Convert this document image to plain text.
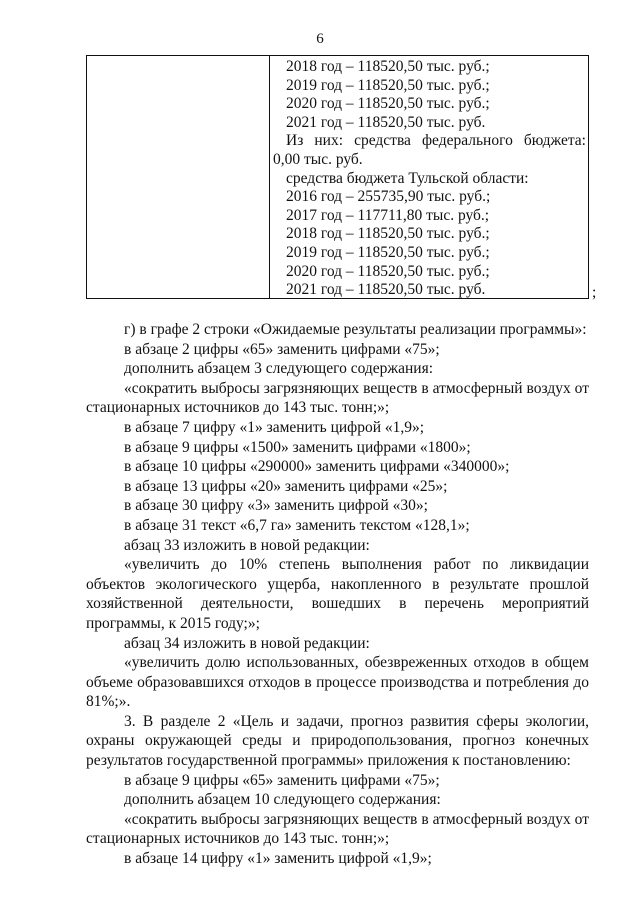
6
2018 год – 118520,50 тыс. руб.;
2019 год – 118520,50 тыс. руб.;
2020 год – 118520,50 тыс. руб.;
2021 год – 118520,50 тыс. руб.
Из них: средства федерального бюджета:
0,00 тыс. руб.
средства бюджета Тульской области:
2016 год – 255735,90 тыс. руб.;
2017 год – 117711,80 тыс. руб.;
2018 год – 118520,50 тыс. руб.;
2019 год – 118520,50 тыс. руб.;
2020 год – 118520,50 тыс. руб.;
2021 год – 118520,50 тыс. руб.	;

г) в графе 2 строки «Ожидаемые результаты реализации программы»:

в абзаце 2 цифры «65» заменить цифрами «75»;

дополнить абзацем 3 следующего содержания:

«сократить выбросы загрязняющих веществ в атмосферный воздух от стационарных источников до 143 тыс. тонн;»;

в абзаце 7 цифру «1» заменить цифрой «1,9»;

в абзаце 9 цифры «1500» заменить цифрами «1800»;

в абзаце 10 цифры «290000» заменить цифрами «340000»;

в абзаце 13 цифры «20» заменить цифрами «25»;

в абзаце 30 цифру «3» заменить цифрой «30»;

в абзаце 31 текст «6,7 га» заменить текстом «128,1»;

абзац 33 изложить в новой редакции:

«увеличить до 10% степень выполнения работ по ликвидации объектов экологического ущерба, накопленного в результате прошлой хозяйственной деятельности, вошедших в перечень мероприятий программы, к 2015 году;»;

абзац 34 изложить в новой редакции:

«увеличить долю использованных, обезвреженных отходов в общем объеме образовавшихся отходов в процессе производства и потребления до 81%;».

3. В разделе 2 «Цель и задачи, прогноз развития сферы экологии, охраны окружающей среды и природопользования, прогноз конечных результатов государственной программы» приложения к постановлению:

в абзаце 9 цифры «65» заменить цифрами «75»;

дополнить абзацем 10 следующего содержания:

«сократить выбросы загрязняющих веществ в атмосферный воздух от стационарных источников до 143 тыс. тонн;»;

в абзаце 14 цифру «1» заменить цифрой «1,9»;
